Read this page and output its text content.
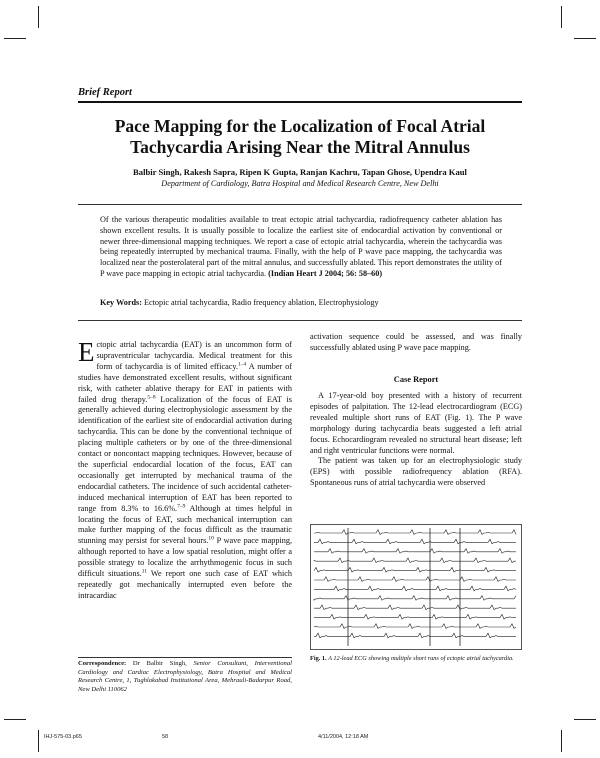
Brief Report
Pace Mapping for the Localization of Focal Atrial Tachycardia Arising Near the Mitral Annulus
Balbir Singh, Rakesh Sapra, Ripen K Gupta, Ranjan Kachru, Tapan Ghose, Upendra Kaul
Department of Cardiology, Batra Hospital and Medical Research Centre, New Delhi

Of the various therapeutic modalities available to treat ectopic atrial tachycardia, radiofrequency catheter ablation has shown excellent results. It is usually possible to localize the earliest site of endocardial activation by conventional or newer three-dimensional mapping techniques. We report a case of ectopic atrial tachycardia, wherein the tachycardia was being repeatedly interrupted by mechanical trauma. Finally, with the help of P wave pace mapping, the tachycardia was localized near the posterolateral part of the mitral annulus, and successfully ablated. This report demonstrates the utility of P wave pace mapping in ectopic atrial tachycardia. (Indian Heart J 2004; 56: 58–60)

Key Words: Ectopic atrial tachycardia, Radio frequency ablation, Electrophysiology

Ectopic atrial tachycardia (EAT) is an uncommon form of supraventricular tachycardia. Medical treatment for this form of tachycardia is of limited efficacy.$^{1-4}$ A number of studies have demonstrated excellent results, without significant risk, with catheter ablative therapy for EAT in patients with failed drug therapy.$^{5-8}$ Localization of the focus of EAT is generally achieved during electrophysiologic assessment by the identification of the earliest site of endocardial activation during tachycardia. This can be done by the conventional technique of placing multiple catheters or by one of the three-dimensional contact or noncontact mapping techniques. However, because of the superficial endocardial location of the focus, EAT can occasionally get interrupted by mechanical trauma of the endocardial catheters. The incidence of such accidental catheter-induced mechanical interruption of EAT has been reported to range from 8.3% to 16.6%.$^{7-9}$ Although at times helpful in locating the focus of EAT, such mechanical interruption can make further mapping of the focus difficult as the traumatic stunning may persist for several hours.$^{10}$ P wave pace mapping, although reported to have a low spatial resolution, might offer a possible strategy to localize the arrhythmogenic focus in such difficult situations.$^{11}$ We report one such case of EAT which repeatedly got mechanically interrupted even before the intracardiac

activation sequence could be assessed, and was finally successfully ablated using P wave pace mapping.

Case Report

A 17-year-old boy presented with a history of recurrent episodes of palpitation. The 12-lead electrocardiogram (ECG) revealed multiple short runs of EAT (Fig. 1). The P wave morphology during tachycardia beats suggested a left atrial focus. Echocardiogram revealed no structural heart disease; left and right ventricular functions were normal.

The patient was taken up for an electrophysiologic study (EPS) with possible radiofrequency ablation (RFA). Spontaneous runs of atrial tachycardia were observed

Fig. 1. A 12-lead ECG showing multiple short runs of ectopic atrial tachycardia.

Correspondence: Dr Balbir Singh, Senior Consultant, Interventional Cardiology and Cardiac Electrophysiology, Batra Hospital and Medical Research Centre, 1, Tughlakabad Institutional Area, Mehrauli-Badarpur Road, New Delhi 110062

IHJ-575-03.p65	58	4/11/2004, 12:18 AM
